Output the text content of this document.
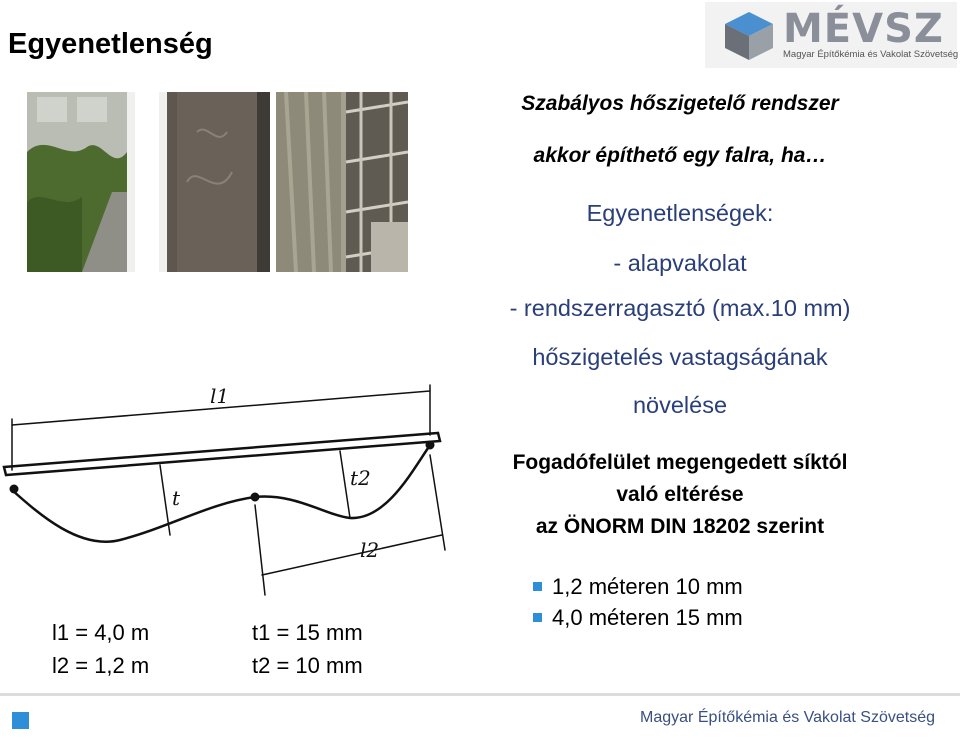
Egyenetlenség	MÉVSZ
Magyar Építőkémia és Vakolat Szövetség
Szabályos hőszigetelő rendszer
akkor építhető egy falra, ha…
Egyenetlenségek:
- alapvakolat
- rendszerragasztó (max.10 mm)
hőszigetelés vastagságának
növelése
Fogadófelület megengedett síktól
való eltérése
az ÖNORM DIN 18202 szerint
1,2 méteren 10 mm
4,0 méteren 15 mm
l1
t
t2
l2
l1 = 4,0 m
l2 = 1,2 m
t1 = 15 mm
t2 = 10 mm
Magyar Építőkémia és Vakolat Szövetség
